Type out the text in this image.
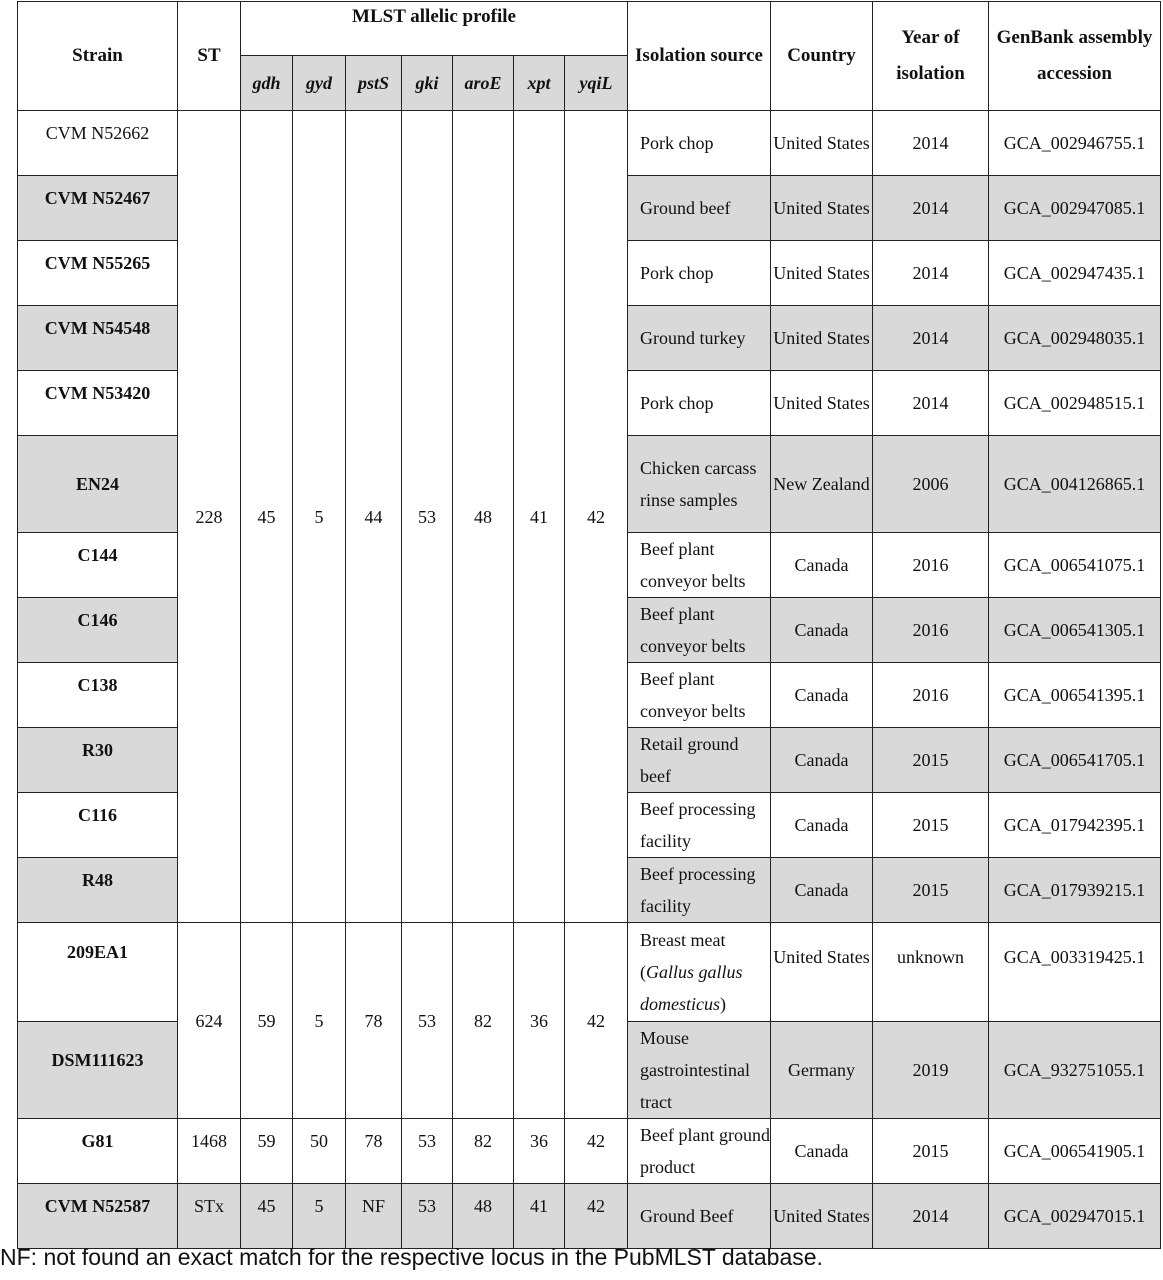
Strain	ST	MLST allelic profile							Isolation source	Country	Year of isolation	GenBank assembly accession
		gdh	gyd	pstS	gki	aroE	xpt	yqiL				
CVM N52662	228	45	5	44	53	48	41	42	Pork chop	United States	2014	GCA_002946755.1
CVM N52467									Ground beef	United States	2014	GCA_002947085.1
CVM N55265									Pork chop	United States	2014	GCA_002947435.1
CVM N54548									Ground turkey	United States	2014	GCA_002948035.1
CVM N53420									Pork chop	United States	2014	GCA_002948515.1
EN24									Chicken carcass rinse samples	New Zealand	2006	GCA_004126865.1
C144									Beef plant conveyor belts	Canada	2016	GCA_006541075.1
C146									Beef plant conveyor belts	Canada	2016	GCA_006541305.1
C138									Beef plant conveyor belts	Canada	2016	GCA_006541395.1
R30									Retail ground beef	Canada	2015	GCA_006541705.1
C116									Beef processing facility	Canada	2015	GCA_017942395.1
R48									Beef processing facility	Canada	2015	GCA_017939215.1
209EA1	624	59	5	78	53	82	36	42	Breast meat (Gallus gallus domesticus)	United States	unknown	GCA_003319425.1
DSM111623									Mouse gastrointestinal tract	Germany	2019	GCA_932751055.1
G81	1468	59	50	78	53	82	36	42	Beef plant ground product	Canada	2015	GCA_006541905.1
CVM N52587	STx	45	5	NF	53	48	41	42	Ground Beef	United States	2014	GCA_002947015.1
NF: not found an exact match for the respective locus in the PubMLST database.
